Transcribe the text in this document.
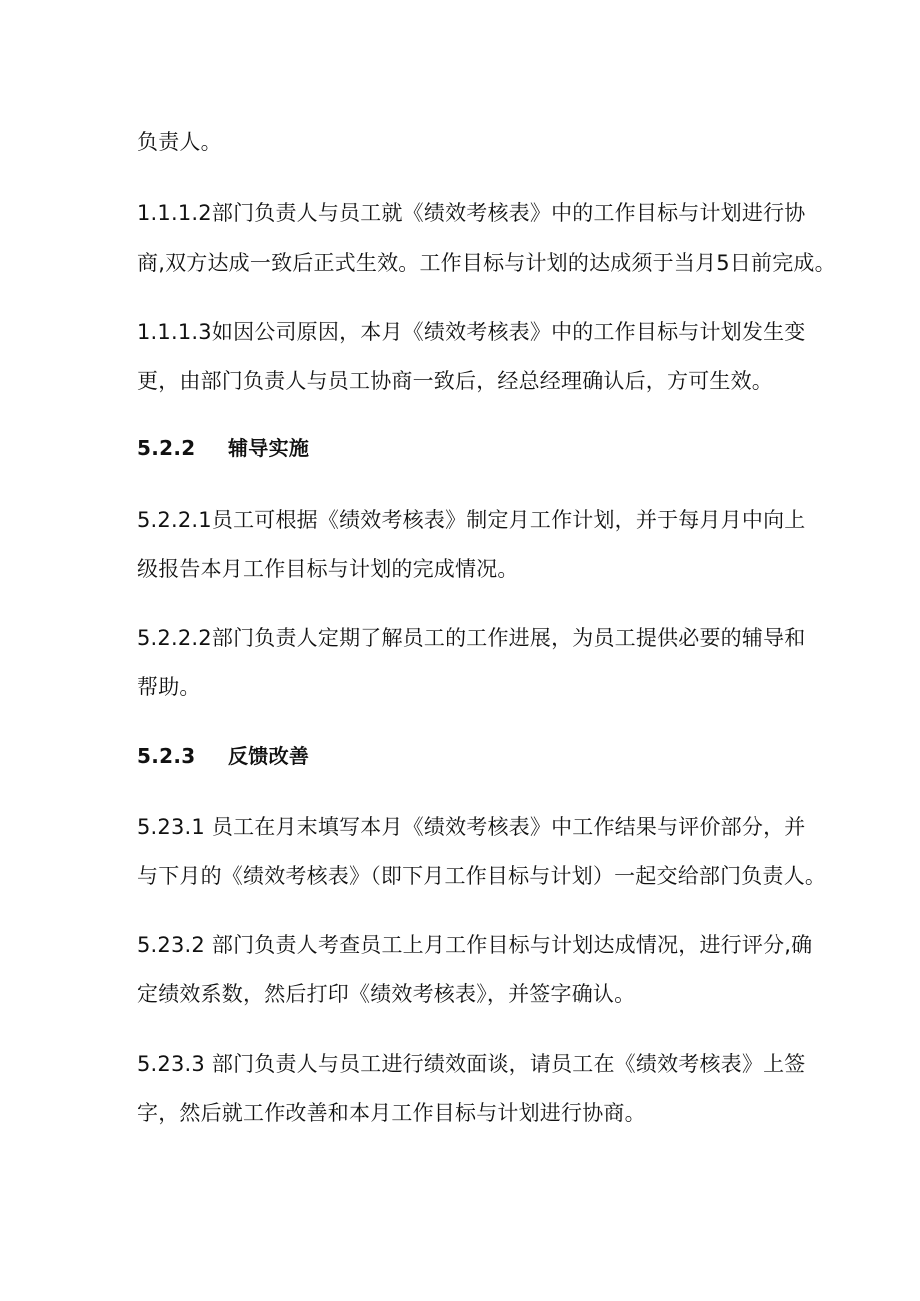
负责人。
1.1.1.2部门负责人与员工就《绩效考核表》中的工作目标与计划进行协
商,双方达成一致后正式生效。工作目标与计划的达成须于当月5日前完成。
1.1.1.3如因公司原因，本月《绩效考核表》中的工作目标与计划发生变
更，由部门负责人与员工协商一致后，经总经理确认后，方可生效。
5.2.2 辅导实施
5.2.2.1员工可根据《绩效考核表》制定月工作计划，并于每月月中向上
级报告本月工作目标与计划的完成情况。
5.2.2.2部门负责人定期了解员工的工作进展，为员工提供必要的辅导和
帮助。
5.2.3 反馈改善
5.23.1 员工在月末填写本月《绩效考核表》中工作结果与评价部分，并
与下月的《绩效考核表》（即下月工作目标与计划）一起交给部门负责人。
5.23.2 部门负责人考查员工上月工作目标与计划达成情况，进行评分,确
定绩效系数，然后打印《绩效考核表》，并签字确认。
5.23.3 部门负责人与员工进行绩效面谈，请员工在《绩效考核表》上签
字，然后就工作改善和本月工作目标与计划进行协商。
